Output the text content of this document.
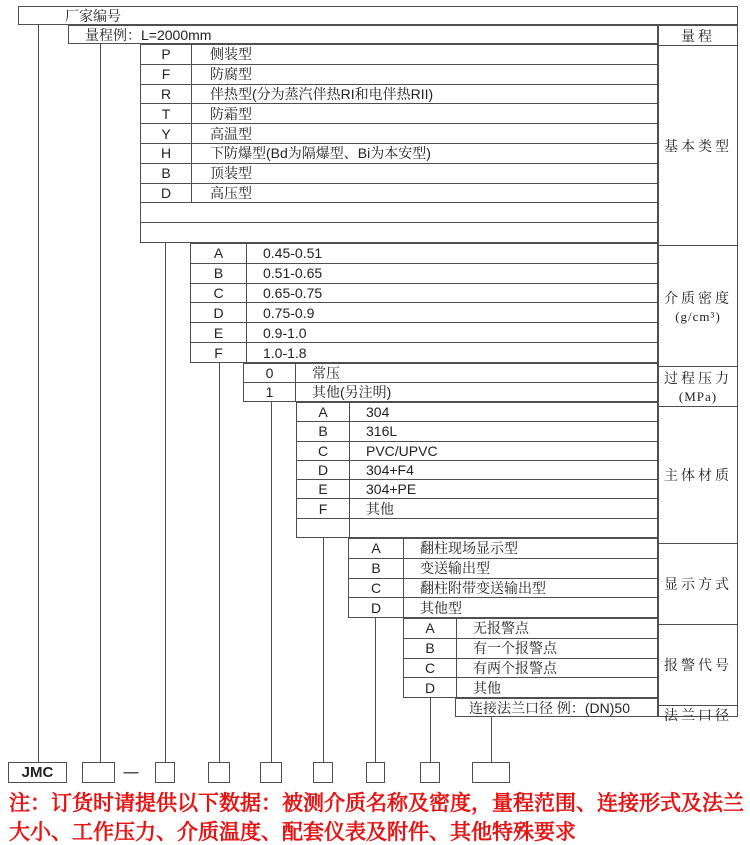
厂家编号
量程例：L=2000mm	量程
基本类型
介质密度
(g/cm³)
过程压力
(MPa)
主体材质
显示方式
报警代号
法兰口径
P	侧装型
F	防腐型
R	伴热型(分为蒸汽伴热RI和电伴热RII)
T	防霜型
Y	高温型
H	下防爆型(Bd为隔爆型、Bi为本安型)
B	顶装型
D	高压型
A	0.45-0.51
B	0.51-0.65
C	0.65-0.75
D	0.75-0.9
E	0.9-1.0
F	1.0-1.8
0	常压
1	其他(另注明)
A	304
B	316L
C	PVC/UPVC
D	304+F4
E	304+PE
F	其他
A	翻柱现场显示型
B	变送输出型
C	翻柱附带变送输出型
D	其他型
A	无报警点
B	有一个报警点
C	有两个报警点
D	其他
连接法兰口径 例：(DN)50
JMC	—
注：订货时请提供以下数据：被测介质名称及密度，量程范围、连接形式及法兰
大小、工作压力、介质温度、配套仪表及附件、其他特殊要求
